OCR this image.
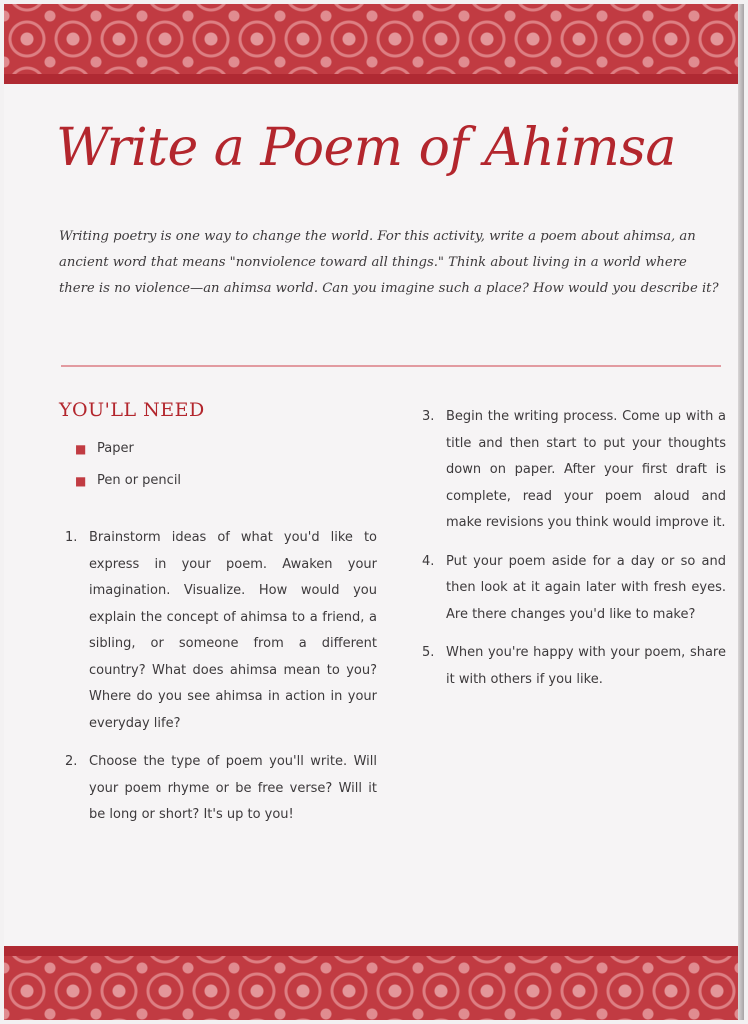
Write a Poem of Ahimsa

Writing poetry is one way to change the world. For this activity, write a poem about ahimsa, an ancient word that means "nonviolence toward all things." Think about living in a world where there is no violence—an ahimsa world. Can you imagine such a place? How would you describe it?

YOU'LL NEED
■ Paper
■ Pen or pencil
1. Brainstorm ideas of what you'd like to express in your poem. Awaken your imagination. Visualize. How would you explain the concept of ahimsa to a friend, a sibling, or someone from a different country? What does ahimsa mean to you? Where do you see ahimsa in action in your everyday life?
2. Choose the type of poem you'll write. Will your poem rhyme or be free verse? Will it be long or short? It's up to you!
3. Begin the writing process. Come up with a title and then start to put your thoughts down on paper. After your first draft is complete, read your poem aloud and make revisions you think would improve it.
4. Put your poem aside for a day or so and then look at it again later with fresh eyes. Are there changes you'd like to make?
5. When you're happy with your poem, share it with others if you like.
